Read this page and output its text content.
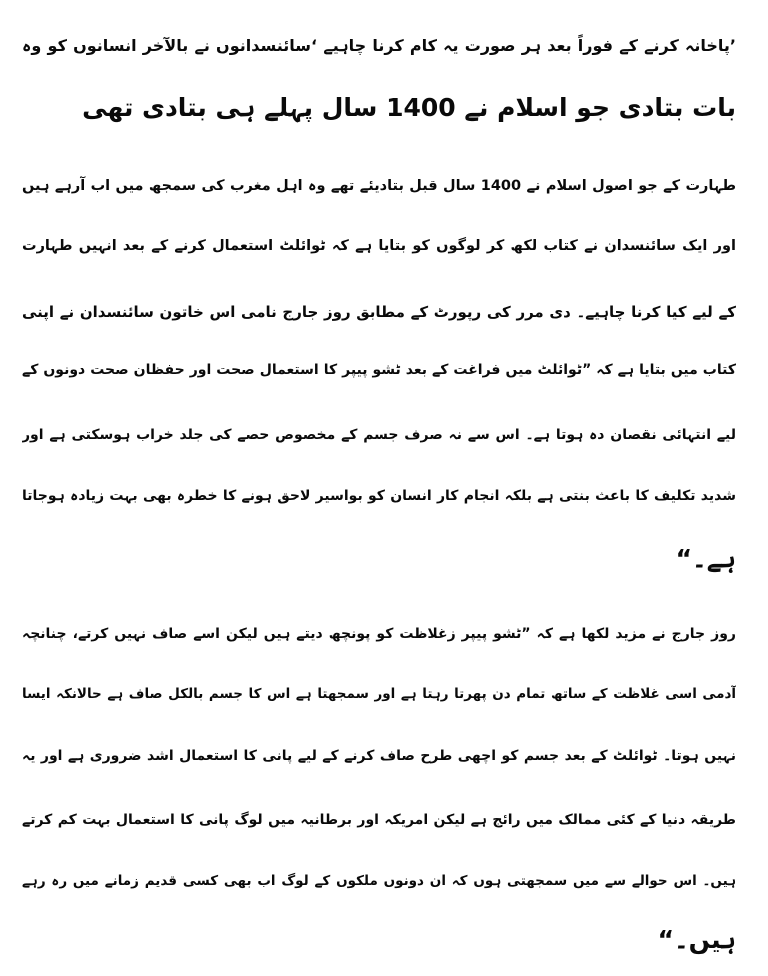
’پاخانہ کرنے کے فوراً بعد ہر صورت یہ کام کرنا چاہیے ‘سائنسدانوں نے بالآخر انسانوں کو وہ
بات بتادی جو اسلام نے 1400 سال پہلے ہی بتادی تھی
طہارت کے جو اصول اسلام نے 1400 سال قبل بتادیئے تھے وہ اہل مغرب کی سمجھ میں اب آرہے ہیں
اور ایک سائنسدان نے کتاب لکھ کر لوگوں کو بتایا ہے کہ ٹوائلٹ استعمال کرنے کے بعد انہیں طہارت
کے لیے کیا کرنا چاہیے۔ دی مرر کی رپورٹ کے مطابق روز جارج نامی اس خاتون سائنسدان نے اپنی
کتاب میں بتایا ہے کہ ”ٹوائلٹ میں فراغت کے بعد ٹشو پیپر کا استعمال صحت اور حفظان صحت دونوں کے
لیے انتہائی نقصان دہ ہوتا ہے۔ اس سے نہ صرف جسم کے مخصوص حصے کی جلد خراب ہوسکتی ہے اور
شدید تکلیف کا باعث بنتی ہے بلکہ انجام کار انسان کو بواسیر لاحق ہونے کا خطرہ بھی بہت زیادہ ہوجاتا
ہے۔“
روز جارج نے مزید لکھا ہے کہ ”ٹشو پیپر زغلاظت کو پونچھ دیتے ہیں لیکن اسے صاف نہیں کرتے، چنانچہ
آدمی اسی غلاظت کے ساتھ تمام دن پھرتا رہتا ہے اور سمجھتا ہے اس کا جسم بالکل صاف ہے حالانکہ ایسا
نہیں ہوتا۔ ٹوائلٹ کے بعد جسم کو اچھی طرح صاف کرنے کے لیے پانی کا استعمال اشد ضروری ہے اور یہ
طریقہ دنیا کے کئی ممالک میں رائج ہے لیکن امریکہ اور برطانیہ میں لوگ پانی کا استعمال بہت کم کرتے
ہیں۔ اس حوالے سے میں سمجھتی ہوں کہ ان دونوں ملکوں کے لوگ اب بھی کسی قدیم زمانے میں رہ رہے
ہیں۔“
